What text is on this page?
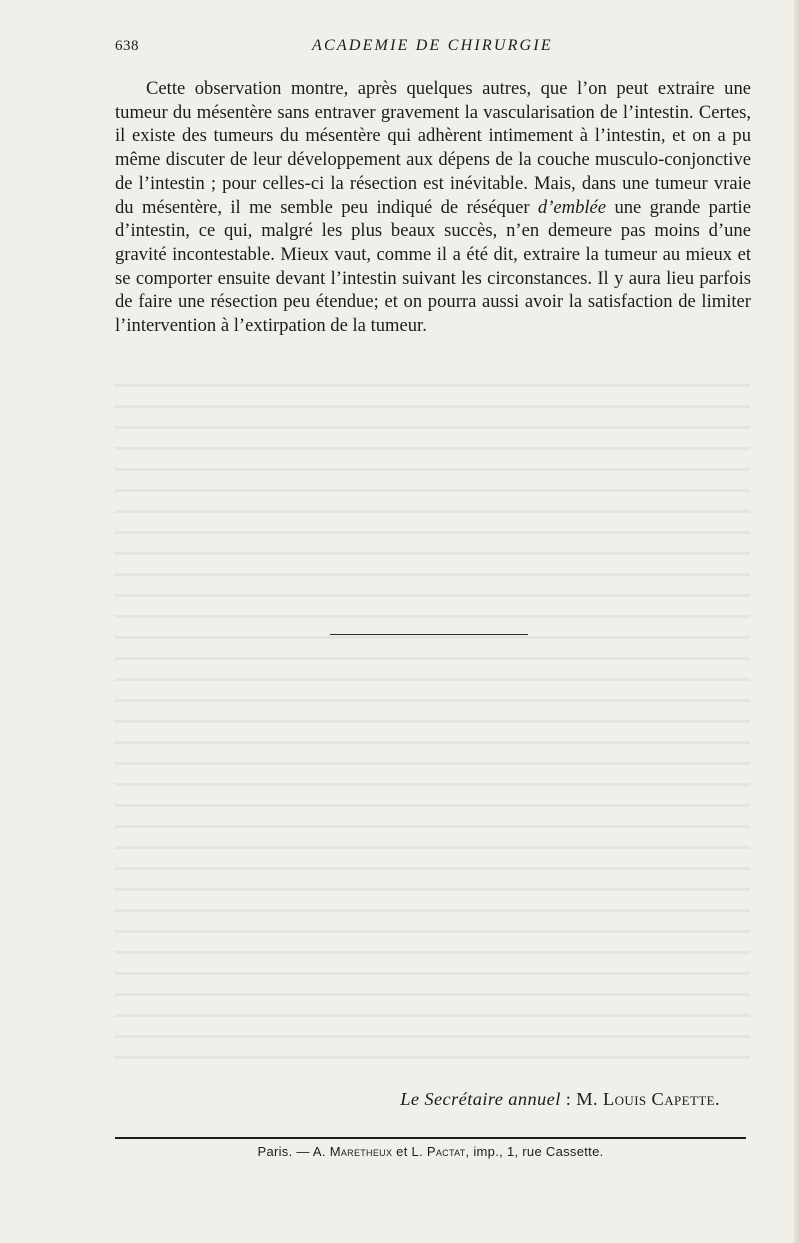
638	ACADEMIE DE CHIRURGIE

Cette observation montre, après quelques autres, que l’on peut extraire une tumeur du mésentère sans entraver gravement la vascularisation de l’intestin. Certes, il existe des tumeurs du mésentère qui adhèrent intimement à l’intestin, et on a pu même discuter de leur développement aux dépens de la couche musculo-conjonctive de l’intestin ; pour celles-ci la résection est inévitable. Mais, dans une tumeur vraie du mésentère, il me semble peu indiqué de réséquer d’emblée une grande partie d’intestin, ce qui, malgré les plus beaux succès, n’en demeure pas moins d’une gravité incontestable. Mieux vaut, comme il a été dit, extraire la tumeur au mieux et se comporter ensuite devant l’intestin suivant les circonstances. Il y aura lieu parfois de faire une résection peu étendue; et on pourra aussi avoir la satisfaction de limiter l’intervention à l’extirpation de la tumeur.

Le Secrétaire annuel : M. Louis Capette.
Paris. — A. Maretheux et L. Pactat, imp., 1, rue Cassette.
